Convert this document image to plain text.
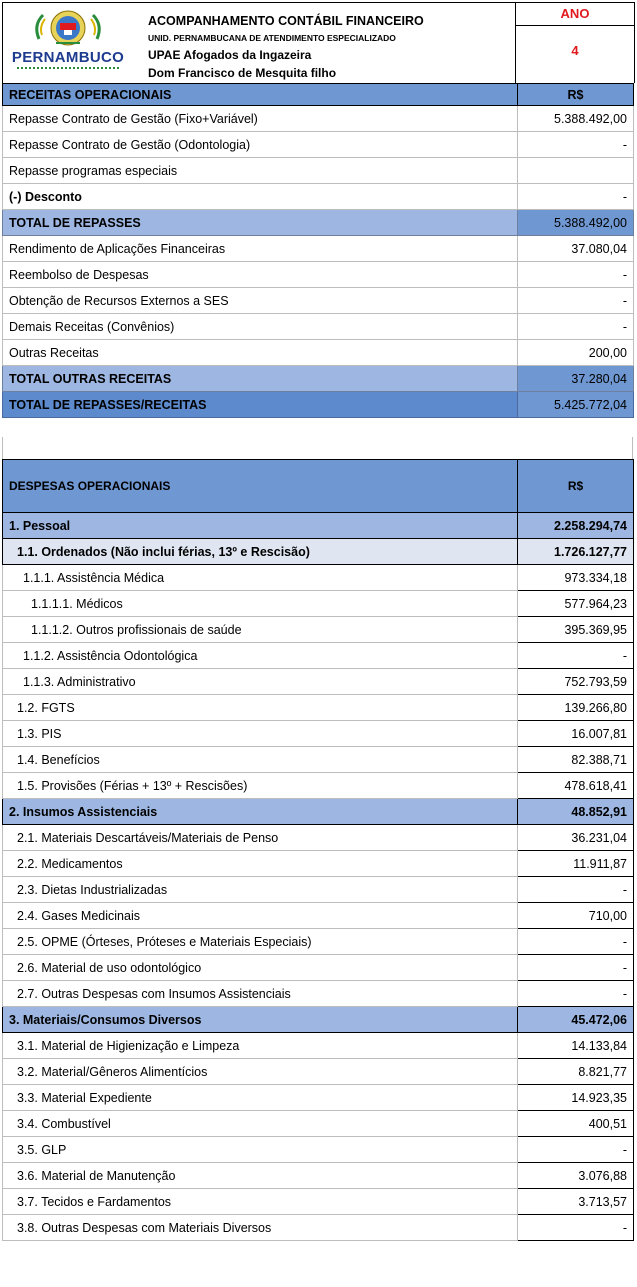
PERNAMBUCO
ACOMPANHAMENTO CONTÁBIL FINANCEIRO
UNID. PERNAMBUCANA DE ATENDIMENTO ESPECIALIZADO
UPAE Afogados da Ingazeira
Dom Francisco de Mesquita filho
ANO
4
RECEITAS OPERACIONAIS	R$
Repasse Contrato de Gestão (Fixo+Variável)	5.388.492,00
Repasse Contrato de Gestão (Odontologia)	-
Repasse programas especiais	
(-) Desconto	-
TOTAL DE REPASSES	5.388.492,00
Rendimento de Aplicações Financeiras	37.080,04
Reembolso de Despesas	-
Obtenção de Recursos Externos a SES	-
Demais Receitas (Convênios)	-
Outras Receitas	200,00
TOTAL OUTRAS RECEITAS	37.280,04
TOTAL DE REPASSES/RECEITAS	5.425.772,04
DESPESAS OPERACIONAIS	R$
1. Pessoal	2.258.294,74
1.1. Ordenados (Não inclui férias, 13º e Rescisão)	1.726.127,77
1.1.1. Assistência Médica	973.334,18
1.1.1.1. Médicos	577.964,23
1.1.1.2. Outros profissionais de saúde	395.369,95
1.1.2. Assistência Odontológica	-
1.1.3. Administrativo	752.793,59
1.2. FGTS	139.266,80
1.3. PIS	16.007,81
1.4. Benefícios	82.388,71
1.5. Provisões (Férias + 13º + Rescisões)	478.618,41
2. Insumos Assistenciais	48.852,91
2.1. Materiais Descartáveis/Materiais de Penso	36.231,04
2.2. Medicamentos	11.911,87
2.3. Dietas Industrializadas	-
2.4. Gases Medicinais	710,00
2.5. OPME (Órteses, Próteses e Materiais Especiais)	-
2.6. Material de uso odontológico	-
2.7. Outras Despesas com Insumos Assistenciais	-
3. Materiais/Consumos Diversos	45.472,06
3.1. Material de Higienização e Limpeza	14.133,84
3.2. Material/Gêneros Alimentícios	8.821,77
3.3. Material Expediente	14.923,35
3.4. Combustível	400,51
3.5. GLP	-
3.6. Material de Manutenção	3.076,88
3.7. Tecidos e Fardamentos	3.713,57
3.8. Outras Despesas com Materiais Diversos	-
